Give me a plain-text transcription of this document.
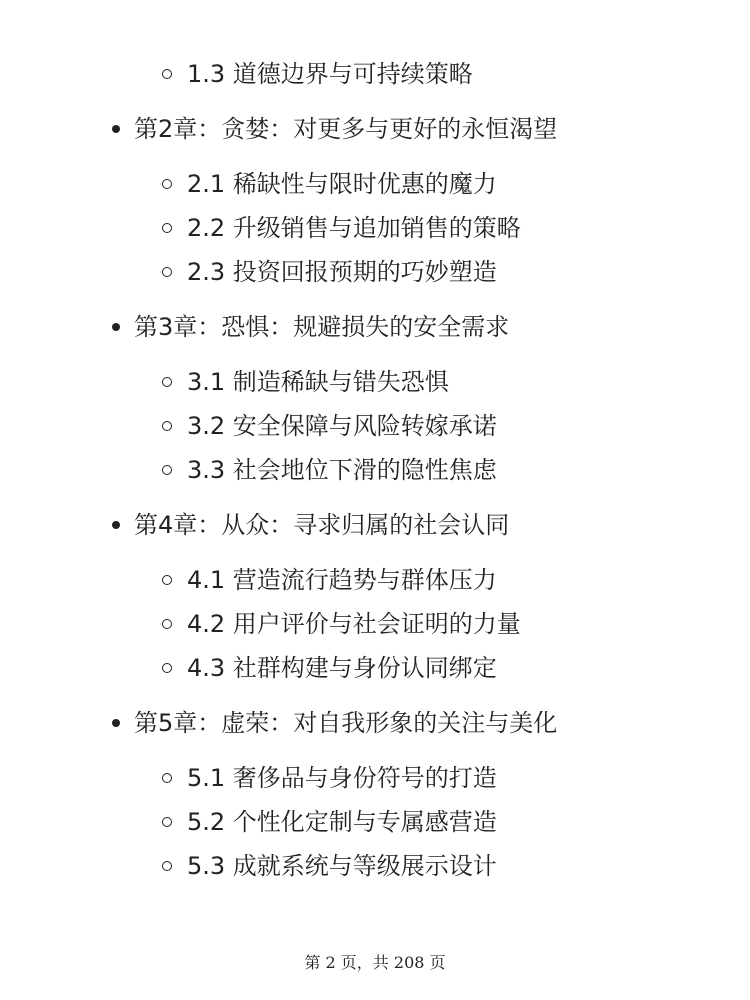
1.3 道德边界与可持续策略
第2章：贪婪：对更多与更好的永恒渴望
2.1 稀缺性与限时优惠的魔力
2.2 升级销售与追加销售的策略
2.3 投资回报预期的巧妙塑造
第3章：恐惧：规避损失的安全需求
3.1 制造稀缺与错失恐惧
3.2 安全保障与风险转嫁承诺
3.3 社会地位下滑的隐性焦虑
第4章：从众：寻求归属的社会认同
4.1 营造流行趋势与群体压力
4.2 用户评价与社会证明的力量
4.3 社群构建与身份认同绑定
第5章：虚荣：对自我形象的关注与美化
5.1 奢侈品与身份符号的打造
5.2 个性化定制与专属感营造
5.3 成就系统与等级展示设计
第 2 页，共 208 页
